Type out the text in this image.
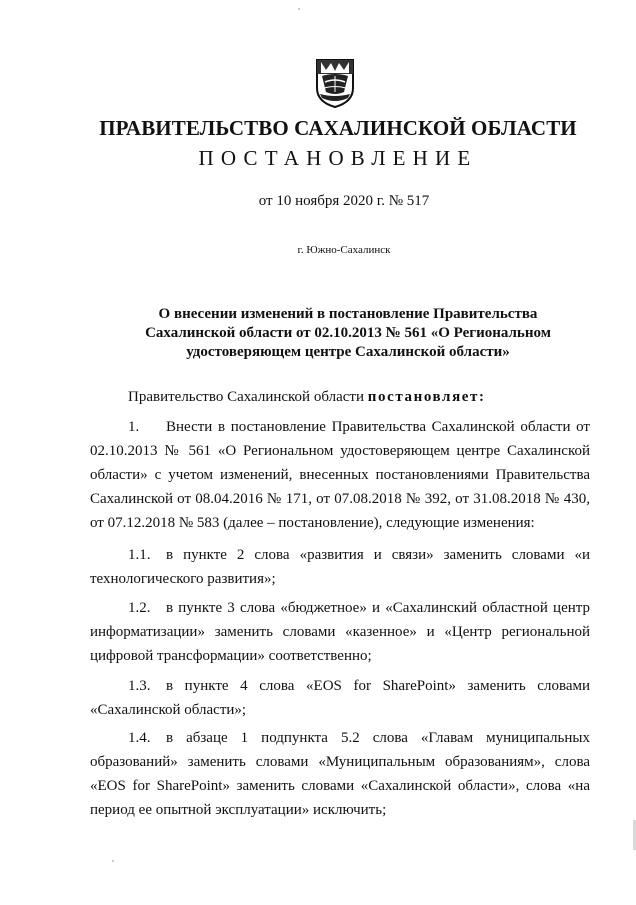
ПРАВИТЕЛЬСТВО САХАЛИНСКОЙ ОБЛАСТИ
ПОСТАНОВЛЕНИЕ
от 10 ноября 2020 г. № 517
г. Южно-Сахалинск
О внесении изменений в постановление Правительства
Сахалинской области от 02.10.2013 № 561 «О Региональном
удостоверяющем центре Сахалинской области»
Правительство Сахалинской области постановляет:
1. Внести в постановление Правительства Сахалинской области от
02.10.2013 № 561 «О Региональном удостоверяющем центре Сахалинской
области» с учетом изменений, внесенных постановлениями Правительства
Сахалинской от 08.04.2016 № 171, от 07.08.2018 № 392, от 31.08.2018 № 430,
от 07.12.2018 № 583 (далее – постановление), следующие изменения:
1.1. в пункте 2 слова «развития и связи» заменить словами «и
технологического развития»;
1.2. в пункте 3 слова «бюджетное» и «Сахалинский областной центр
информатизации» заменить словами «казенное» и «Центр региональной
цифровой трансформации» соответственно;
1.3. в пункте 4 слова «EOS for SharePoint» заменить словами
«Сахалинской области»;
1.4. в абзаце 1 подпункта 5.2 слова «Главам муниципальных
образований» заменить словами «Муниципальным образованиям», слова
«EOS for SharePoint» заменить словами «Сахалинской области», слова «на
период ее опытной эксплуатации» исключить;
